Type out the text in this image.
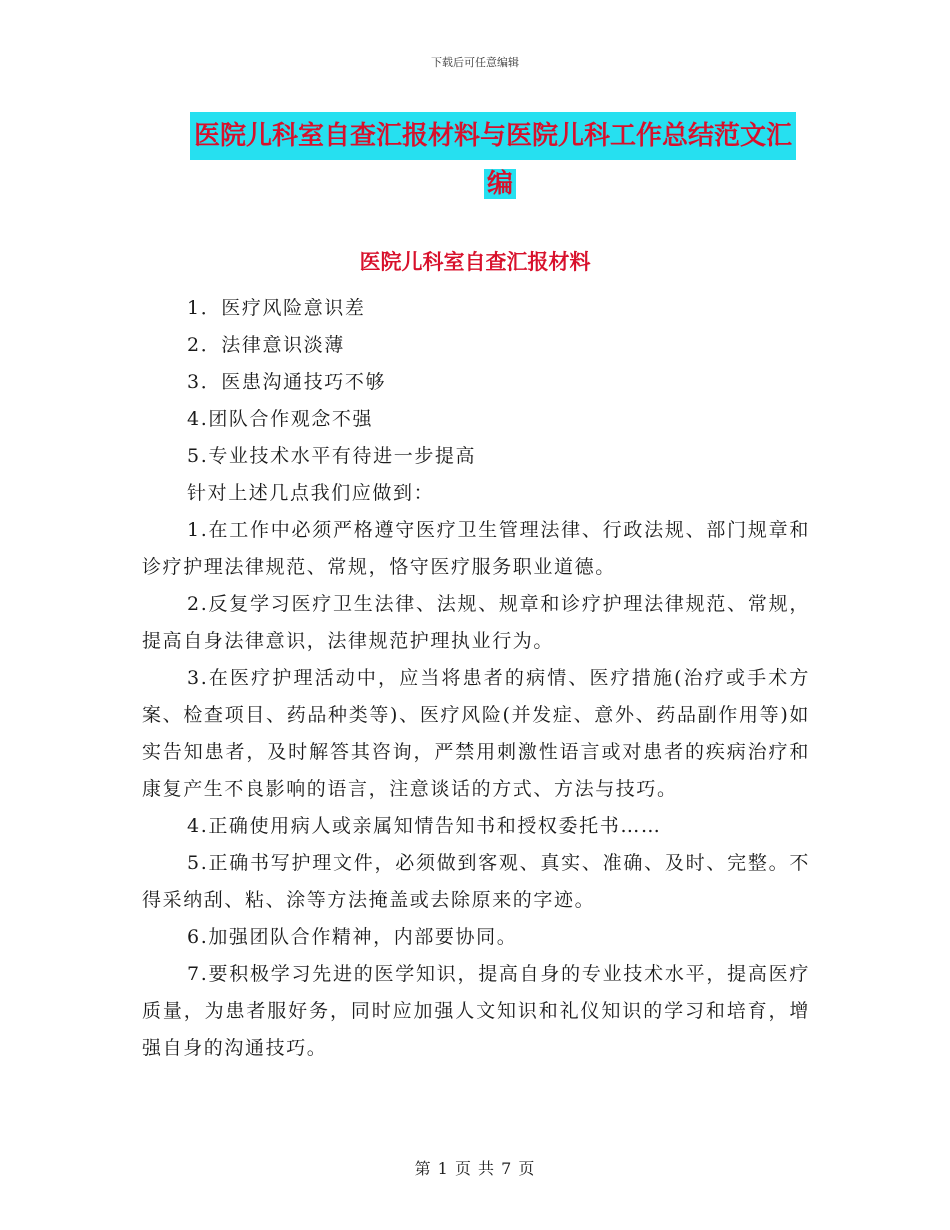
下载后可任意编辑
医院儿科室自查汇报材料与医院儿科工作总结范文汇
编
医院儿科室自查汇报材料

1．医疗风险意识差

2．法律意识淡薄

3．医患沟通技巧不够

4.团队合作观念不强

5.专业技术水平有待进一步提高

针对上述几点我们应做到：

1.在工作中必须严格遵守医疗卫生管理法律、行政法规、部门规章和诊疗护理法律规范、常规，恪守医疗服务职业道德。

2.反复学习医疗卫生法律、法规、规章和诊疗护理法律规范、常规，提高自身法律意识，法律规范护理执业行为。

3.在医疗护理活动中，应当将患者的病情、医疗措施(治疗或手术方案、检查项目、药品种类等)、医疗风险(并发症、意外、药品副作用等)如实告知患者，及时解答其咨询，严禁用刺激性语言或对患者的疾病治疗和康复产生不良影响的语言，注意谈话的方式、方法与技巧。

4.正确使用病人或亲属知情告知书和授权委托书……

5.正确书写护理文件，必须做到客观、真实、准确、及时、完整。不得采纳刮、粘、涂等方法掩盖或去除原来的字迹。

6.加强团队合作精神，内部要协同。

7.要积极学习先进的医学知识，提高自身的专业技术水平，提高医疗质量，为患者服好务，同时应加强人文知识和礼仪知识的学习和培育，增强自身的沟通技巧。

第 1 页 共 7 页
